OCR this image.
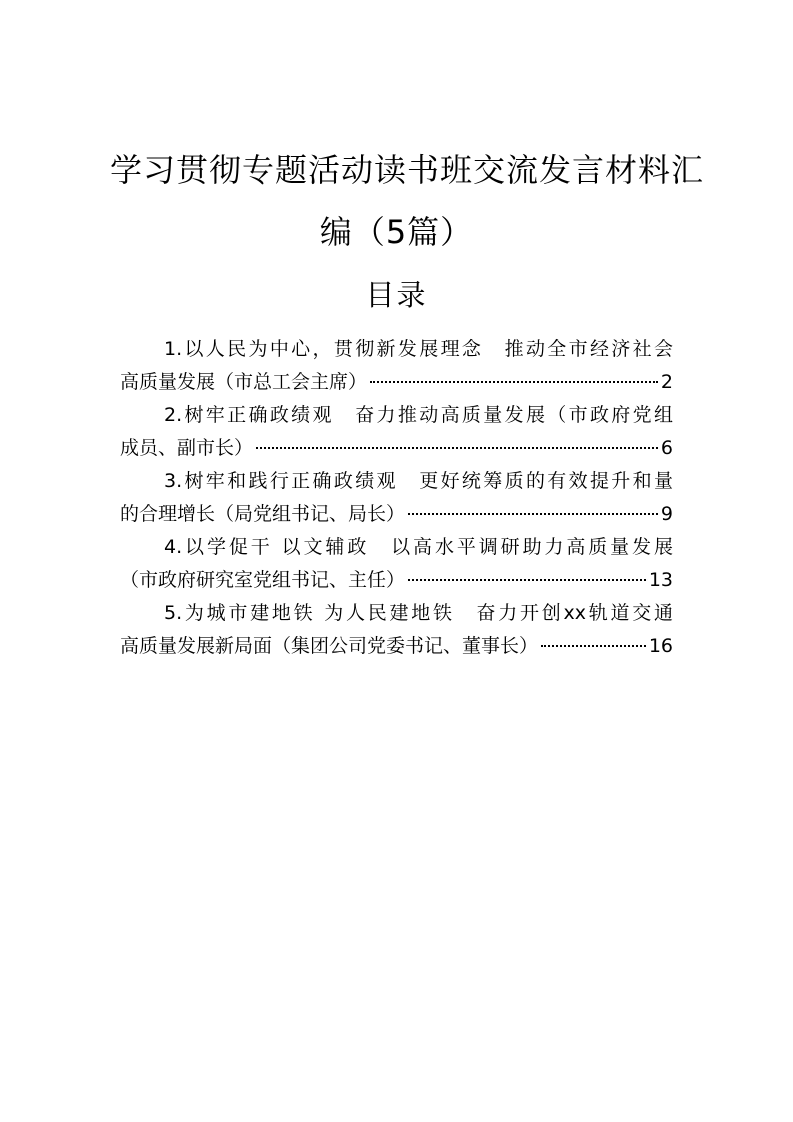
学习贯彻专题活动读书班交流发言材料汇
编（5篇）
目录
1.以人民为中心，贯彻新发展理念　推动全市经济社会
高质量发展（市总工会主席）	2
2.树牢正确政绩观　奋力推动高质量发展（市政府党组
成员、副市长）	6
3.树牢和践行正确政绩观　更好统筹质的有效提升和量
的合理增长（局党组书记、局长）	9
4.以学促干 以文辅政　以高水平调研助力高质量发展
（市政府研究室党组书记、主任）	13
5.为城市建地铁 为人民建地铁　奋力开创xx轨道交通
高质量发展新局面（集团公司党委书记、董事长）	16
